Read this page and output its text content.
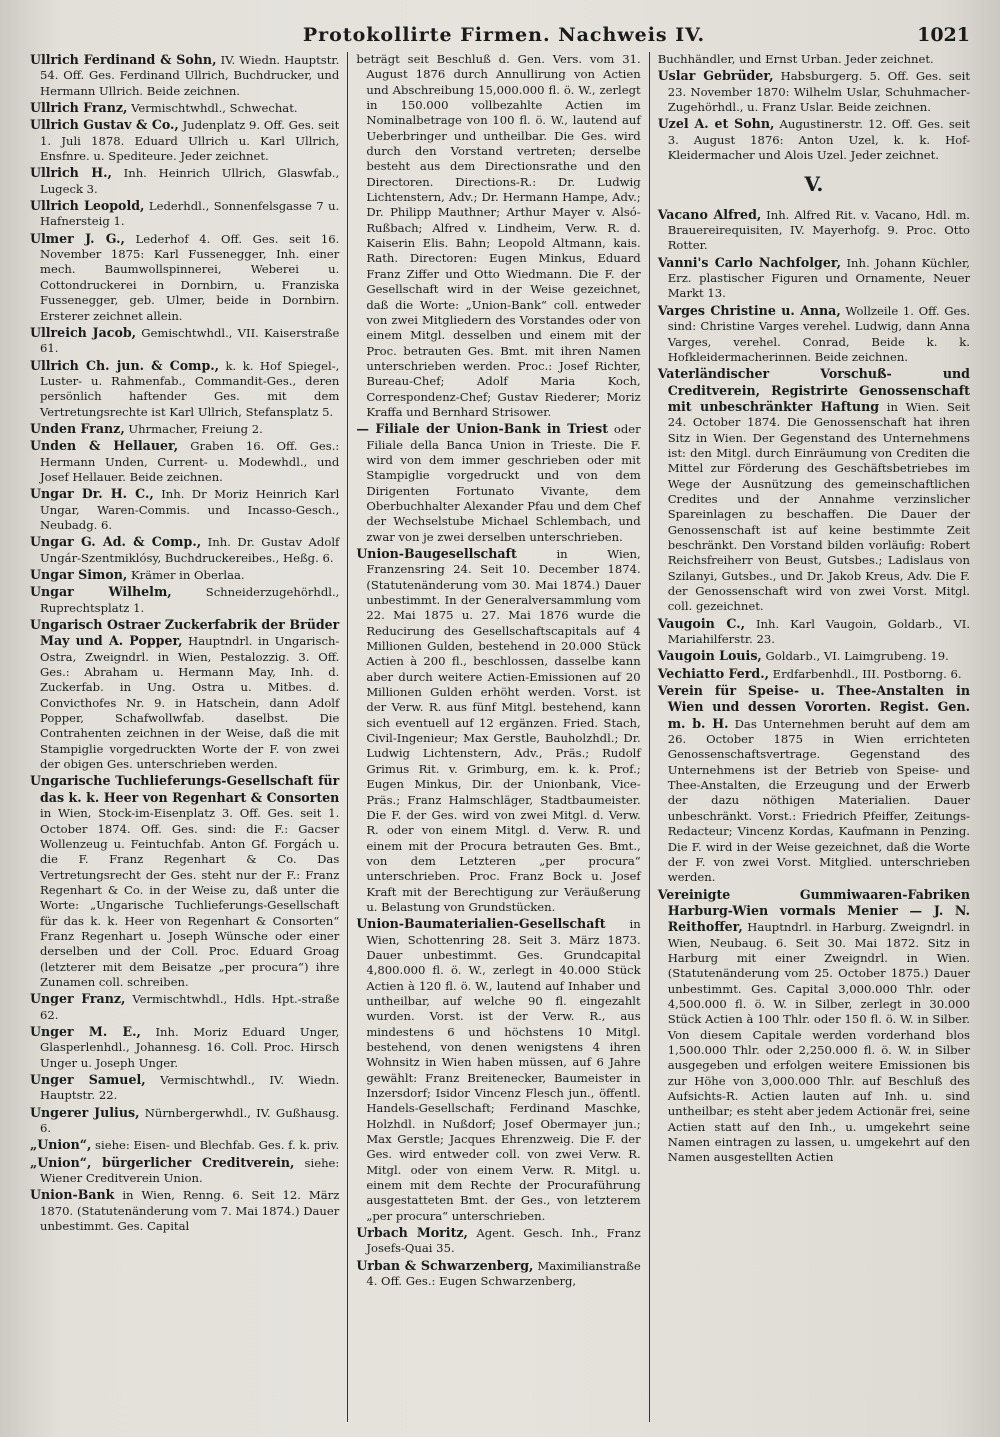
Protokollirte Firmen. Nachweis IV.	1021

Ullrich Ferdinand & Sohn, IV. Wiedn. Hauptstr. 54. Off. Ges. Ferdinand Ullrich, Buchdrucker, und Hermann Ullrich. Beide zeichnen.

Ullrich Franz, Vermischtwhdl., Schwechat.

Ullrich Gustav & Co., Judenplatz 9. Off. Ges. seit 1. Juli 1878. Eduard Ullrich u. Karl Ullrich, Ensfnre. u. Spediteure. Jeder zeichnet.

Ullrich H., Inh. Heinrich Ullrich, Glaswfab., Lugeck 3.

Ullrich Leopold, Lederhdl., Sonnenfelsgasse 7 u. Hafnersteig 1.

Ulmer J. G., Lederhof 4. Off. Ges. seit 16. November 1875: Karl Fussenegger, Inh. einer mech. Baumwollspinnerei, Weberei u. Cottondruckerei in Dornbirn, u. Franziska Fussenegger, geb. Ulmer, beide in Dornbirn. Ersterer zeichnet allein.

Ullreich Jacob, Gemischtwhdl., VII. Kaiserstraße 61.

Ullrich Ch. jun. & Comp., k. k. Hof Spiegel-, Luster- u. Rahmenfab., Commandit-Ges., deren persönlich haftender Ges. mit dem Vertretungsrechte ist Karl Ullrich, Stefansplatz 5.

Unden Franz, Uhrmacher, Freiung 2.

Unden & Hellauer, Graben 16. Off. Ges.: Hermann Unden, Current- u. Modewhdl., und Josef Hellauer. Beide zeichnen.

Ungar Dr. H. C., Inh. Dr Moriz Heinrich Karl Ungar, Waren-Commis. und Incasso-Gesch., Neubadg. 6.

Ungar G. Ad. & Comp., Inh. Dr. Gustav Adolf Ungár-Szentmiklósy, Buchdruckereibes., Heßg. 6.

Ungar Simon, Krämer in Oberlaa.

Ungar Wilhelm,	Schneiderzugehörhdl., Ruprechtsplatz 1.

Ungarisch Ostraer Zuckerfabrik der Brüder May und A. Popper, Hauptndrl. in Ungarisch-Ostra, Zweigndrl. in Wien, Pestalozzig. 3. Off. Ges.: Abraham u. Hermann May, Inh. d. Zuckerfab. in Ung. Ostra u. Mitbes. d. Convicthofes Nr. 9. in Hatschein, dann Adolf Popper, Schafwollwfab. daselbst. Die Contrahenten zeichnen in der Weise, daß die mit Stampiglie vorgedruckten Worte der F. von zwei der obigen Ges. unterschrieben werden.

Ungarische Tuchlieferungs-Gesellschaft für das k. k. Heer von Regenhart & Consorten in Wien, Stock-im-Eisenplatz 3. Off. Ges. seit 1. October 1874. Off. Ges. sind: die F.: Gacser Wollenzeug u. Feintuchfab. Anton Gf. Forgách u. die F. Franz Regenhart & Co. Das Vertretungsrecht der Ges. steht nur der F.: Franz Regenhart & Co. in der Weise zu, daß unter die Worte: „Ungarische Tuchlieferungs-Gesellschaft für das k. k. Heer von Regenhart & Consorten“ Franz Regenhart u. Joseph Wünsche oder einer derselben und der Coll. Proc. Eduard Groag (letzterer mit dem Beisatze „per procura“) ihre Zunamen coll. schreiben.

Unger Franz, Vermischtwhdl., Hdls. Hpt.-straße 62.

Unger M. E., Inh. Moriz Eduard Unger, Glasperlenhdl., Johannesg. 16. Coll. Proc. Hirsch Unger u. Joseph Unger.

Unger Samuel, Vermischtwhdl., IV. Wiedn. Hauptstr. 22.

Ungerer Julius, Nürnbergerwhdl., IV. Gußhausg. 6.

„Union“, siehe: Eisen- und Blechfab. Ges. f. k. priv.

„Union“, bürgerlicher Creditverein, siehe: Wiener Creditverein Union.

Union-Bank in Wien, Renng. 6. Seit 12. März 1870. (Statutenänderung vom 7. Mai 1874.) Dauer unbestimmt. Ges. Capital

beträgt seit Beschluß d. Gen. Vers. vom 31. August 1876 durch Annullirung von Actien und Abschreibung 15,000.000 fl. ö. W., zerlegt in 150.000 vollbezahlte Actien im Nominalbetrage von 100 fl. ö. W., lautend auf Ueberbringer und untheilbar. Die Ges. wird durch den Vorstand vertreten; derselbe besteht aus dem Directionsrathe und den Directoren. Directions-R.: Dr. Ludwig Lichtenstern, Adv.; Dr. Hermann Hampe, Adv.; Dr. Philipp Mauthner; Arthur Mayer v. Alsó-Rußbach; Alfred v. Lindheim, Verw. R. d. Kaiserin Elis. Bahn; Leopold Altmann, kais. Rath. Directoren: Eugen Minkus, Eduard Franz Ziffer und Otto Wiedmann. Die F. der Gesellschaft wird in der Weise gezeichnet, daß die Worte: „Union-Bank“ coll. entweder von zwei Mitgliedern des Vorstandes oder von einem Mitgl. desselben und einem mit der Proc. betrauten Ges. Bmt. mit ihren Namen unterschrieben werden. Proc.: Josef Richter, Bureau-Chef; Adolf Maria Koch, Correspondenz-Chef; Gustav Riederer; Moriz Kraffa und Bernhard Strisower.

— Filiale der Union-Bank in Triest oder Filiale della Banca Union in Trieste. Die F. wird von dem immer geschrieben oder mit Stampiglie vorgedruckt und von dem Dirigenten Fortunato Vivante, dem Oberbuchhalter Alexander Pfau und dem Chef der Wechselstube Michael Schlembach, und zwar von je zwei derselben unterschrieben.

Union-Baugesellschaft	in Wien, Franzensring 24. Seit 10. December 1874. (Statutenänderung vom 30. Mai 1874.) Dauer unbestimmt. In der Generalversammlung vom 22. Mai 1875 u. 27. Mai 1876 wurde die Reducirung des Gesellschaftscapitals auf 4 Millionen Gulden, bestehend in 20.000 Stück Actien à 200 fl., beschlossen, dasselbe kann aber durch weitere Actien-Emissionen auf 20 Millionen Gulden erhöht werden. Vorst. ist der Verw. R. aus fünf Mitgl. bestehend, kann sich eventuell auf 12 ergänzen. Fried. Stach, Civil-Ingenieur; Max Gerstle, Bauholzhdl.; Dr. Ludwig Lichtenstern, Adv., Präs.; Rudolf Grimus Rit. v. Grimburg, em. k. k. Prof.; Eugen Minkus, Dir. der Unionbank, Vice-Präs.; Franz Halmschläger, Stadtbaumeister. Die F. der Ges. wird von zwei Mitgl. d. Verw. R. oder von einem Mitgl. d. Verw. R. und einem mit der Procura betrauten Ges. Bmt., von dem Letzteren „per procura“ unterschrieben. Proc. Franz Bock u. Josef Kraft mit der Berechtigung zur Veräußerung u. Belastung von Grundstücken.

Union-Baumaterialien-Gesellschaft in Wien, Schottenring 28. Seit 3. März 1873. Dauer unbestimmt. Ges. Grundcapital 4,800.000 fl. ö. W., zerlegt in 40.000 Stück Actien à 120 fl. ö. W., lautend auf Inhaber und untheilbar, auf welche 90 fl. eingezahlt wurden. Vorst. ist der Verw. R., aus mindestens 6 und höchstens 10 Mitgl. bestehend, von denen wenigstens 4 ihren Wohnsitz in Wien haben müssen, auf 6 Jahre gewählt: Franz Breitenecker, Baumeister in Inzersdorf; Isidor Vincenz Flesch jun., öffentl. Handels-Gesellschaft; Ferdinand Maschke, Holzhdl. in Nußdorf; Josef Obermayer jun.; Max Gerstle; Jacques Ehrenzweig. Die F. der Ges. wird entweder coll. von zwei Verw. R. Mitgl. oder von einem Verw. R. Mitgl. u. einem mit dem Rechte der Procuraführung ausgestatteten Bmt. der Ges., von letzterem „per procura“ unterschrieben.

Urbach Moritz, Agent. Gesch. Inh., Franz Josefs-Quai 35.

Urban & Schwarzenberg, Maximilianstraße 4. Off. Ges.: Eugen Schwarzenberg,

Buchhändler, und Ernst Urban. Jeder zeichnet.

Uslar Gebrüder, Habsburgerg. 5. Off. Ges. seit 23. November 1870: Wilhelm Uslar, Schuhmacher-Zugehörhdl., u. Franz Uslar. Beide zeichnen.

Uzel A. et Sohn, Augustinerstr. 12. Off. Ges. seit 3. August 1876: Anton Uzel, k. k. Hof-Kleidermacher und Alois Uzel. Jeder zeichnet.

V.

Vacano Alfred, Inh. Alfred Rit. v. Vacano, Hdl. m. Brauereirequisiten, IV. Mayerhofg. 9. Proc. Otto Rotter.

Vanni's Carlo Nachfolger, Inh. Johann Küchler, Erz. plastischer Figuren und Ornamente, Neuer Markt 13.

Varges Christine u. Anna, Wollzeile 1. Off. Ges. sind: Christine Varges verehel. Ludwig, dann Anna Varges, verehel. Conrad, Beide k. k. Hofkleidermacherinnen. Beide zeichnen.

Vaterländischer Vorschuß- und Creditverein, Registrirte Genossenschaft mit unbeschränkter Haftung in Wien. Seit 24. October 1874. Die Genossenschaft hat ihren Sitz in Wien. Der Gegenstand des Unternehmens ist: den Mitgl. durch Einräumung von Crediten die Mittel zur Förderung des Geschäftsbetriebes im Wege der Ausnützung des gemeinschaftlichen Credites und der Annahme verzinslicher Spareinlagen zu beschaffen. Die Dauer der Genossenschaft ist auf keine bestimmte Zeit beschränkt. Den Vorstand bilden vorläufig: Robert Reichsfreiherr von Beust, Gutsbes.; Ladislaus von Szilanyi, Gutsbes., und Dr. Jakob Kreus, Adv. Die F. der Genossenschaft wird von zwei Vorst. Mitgl. coll. gezeichnet.

Vaugoin C., Inh. Karl Vaugoin, Goldarb., VI. Mariahilferstr. 23.

Vaugoin Louis, Goldarb., VI. Laimgrubeng. 19.

Vechiatto Ferd., Erdfarbenhdl., III. Postborng. 6.

Verein für Speise- u. Thee-Anstalten in Wien und dessen Vororten. Regist. Gen. m. b. H. Das Unternehmen beruht auf dem am 26. October 1875 in Wien errichteten Genossenschaftsvertrage. Gegenstand des Unternehmens ist der Betrieb von Speise- und Thee-Anstalten, die Erzeugung und der Erwerb der dazu nöthigen Materialien. Dauer unbeschränkt. Vorst.: Friedrich Pfeiffer, Zeitungs-Redacteur; Vincenz Kordas, Kaufmann in Penzing. Die F. wird in der Weise gezeichnet, daß die Worte der F. von zwei Vorst. Mitglied. unterschrieben werden.

Vereinigte Gummiwaaren-Fabriken Harburg-Wien vormals Menier — J. N. Reithoffer, Hauptndrl. in Harburg. Zweigndrl. in Wien, Neubaug. 6. Seit 30. Mai 1872. Sitz in Harburg mit einer Zweigndrl. in Wien. (Statutenänderung vom 25. October 1875.) Dauer unbestimmt. Ges. Capital 3,000.000 Thlr. oder 4,500.000 fl. ö. W. in Silber, zerlegt in 30.000 Stück Actien à 100 Thlr. oder 150 fl. ö. W. in Silber. Von diesem Capitale werden vorderhand blos 1,500.000 Thlr. oder 2,250.000 fl. ö. W. in Silber ausgegeben und erfolgen weitere Emissionen bis zur Höhe von 3,000.000 Thlr. auf Beschluß des Aufsichts-R. Actien lauten auf Inh. u. sind untheilbar; es steht aber jedem Actionär frei, seine Actien statt auf den Inh., u. umgekehrt seine Namen eintragen zu lassen, u. umgekehrt auf den Namen ausgestellten Actien
